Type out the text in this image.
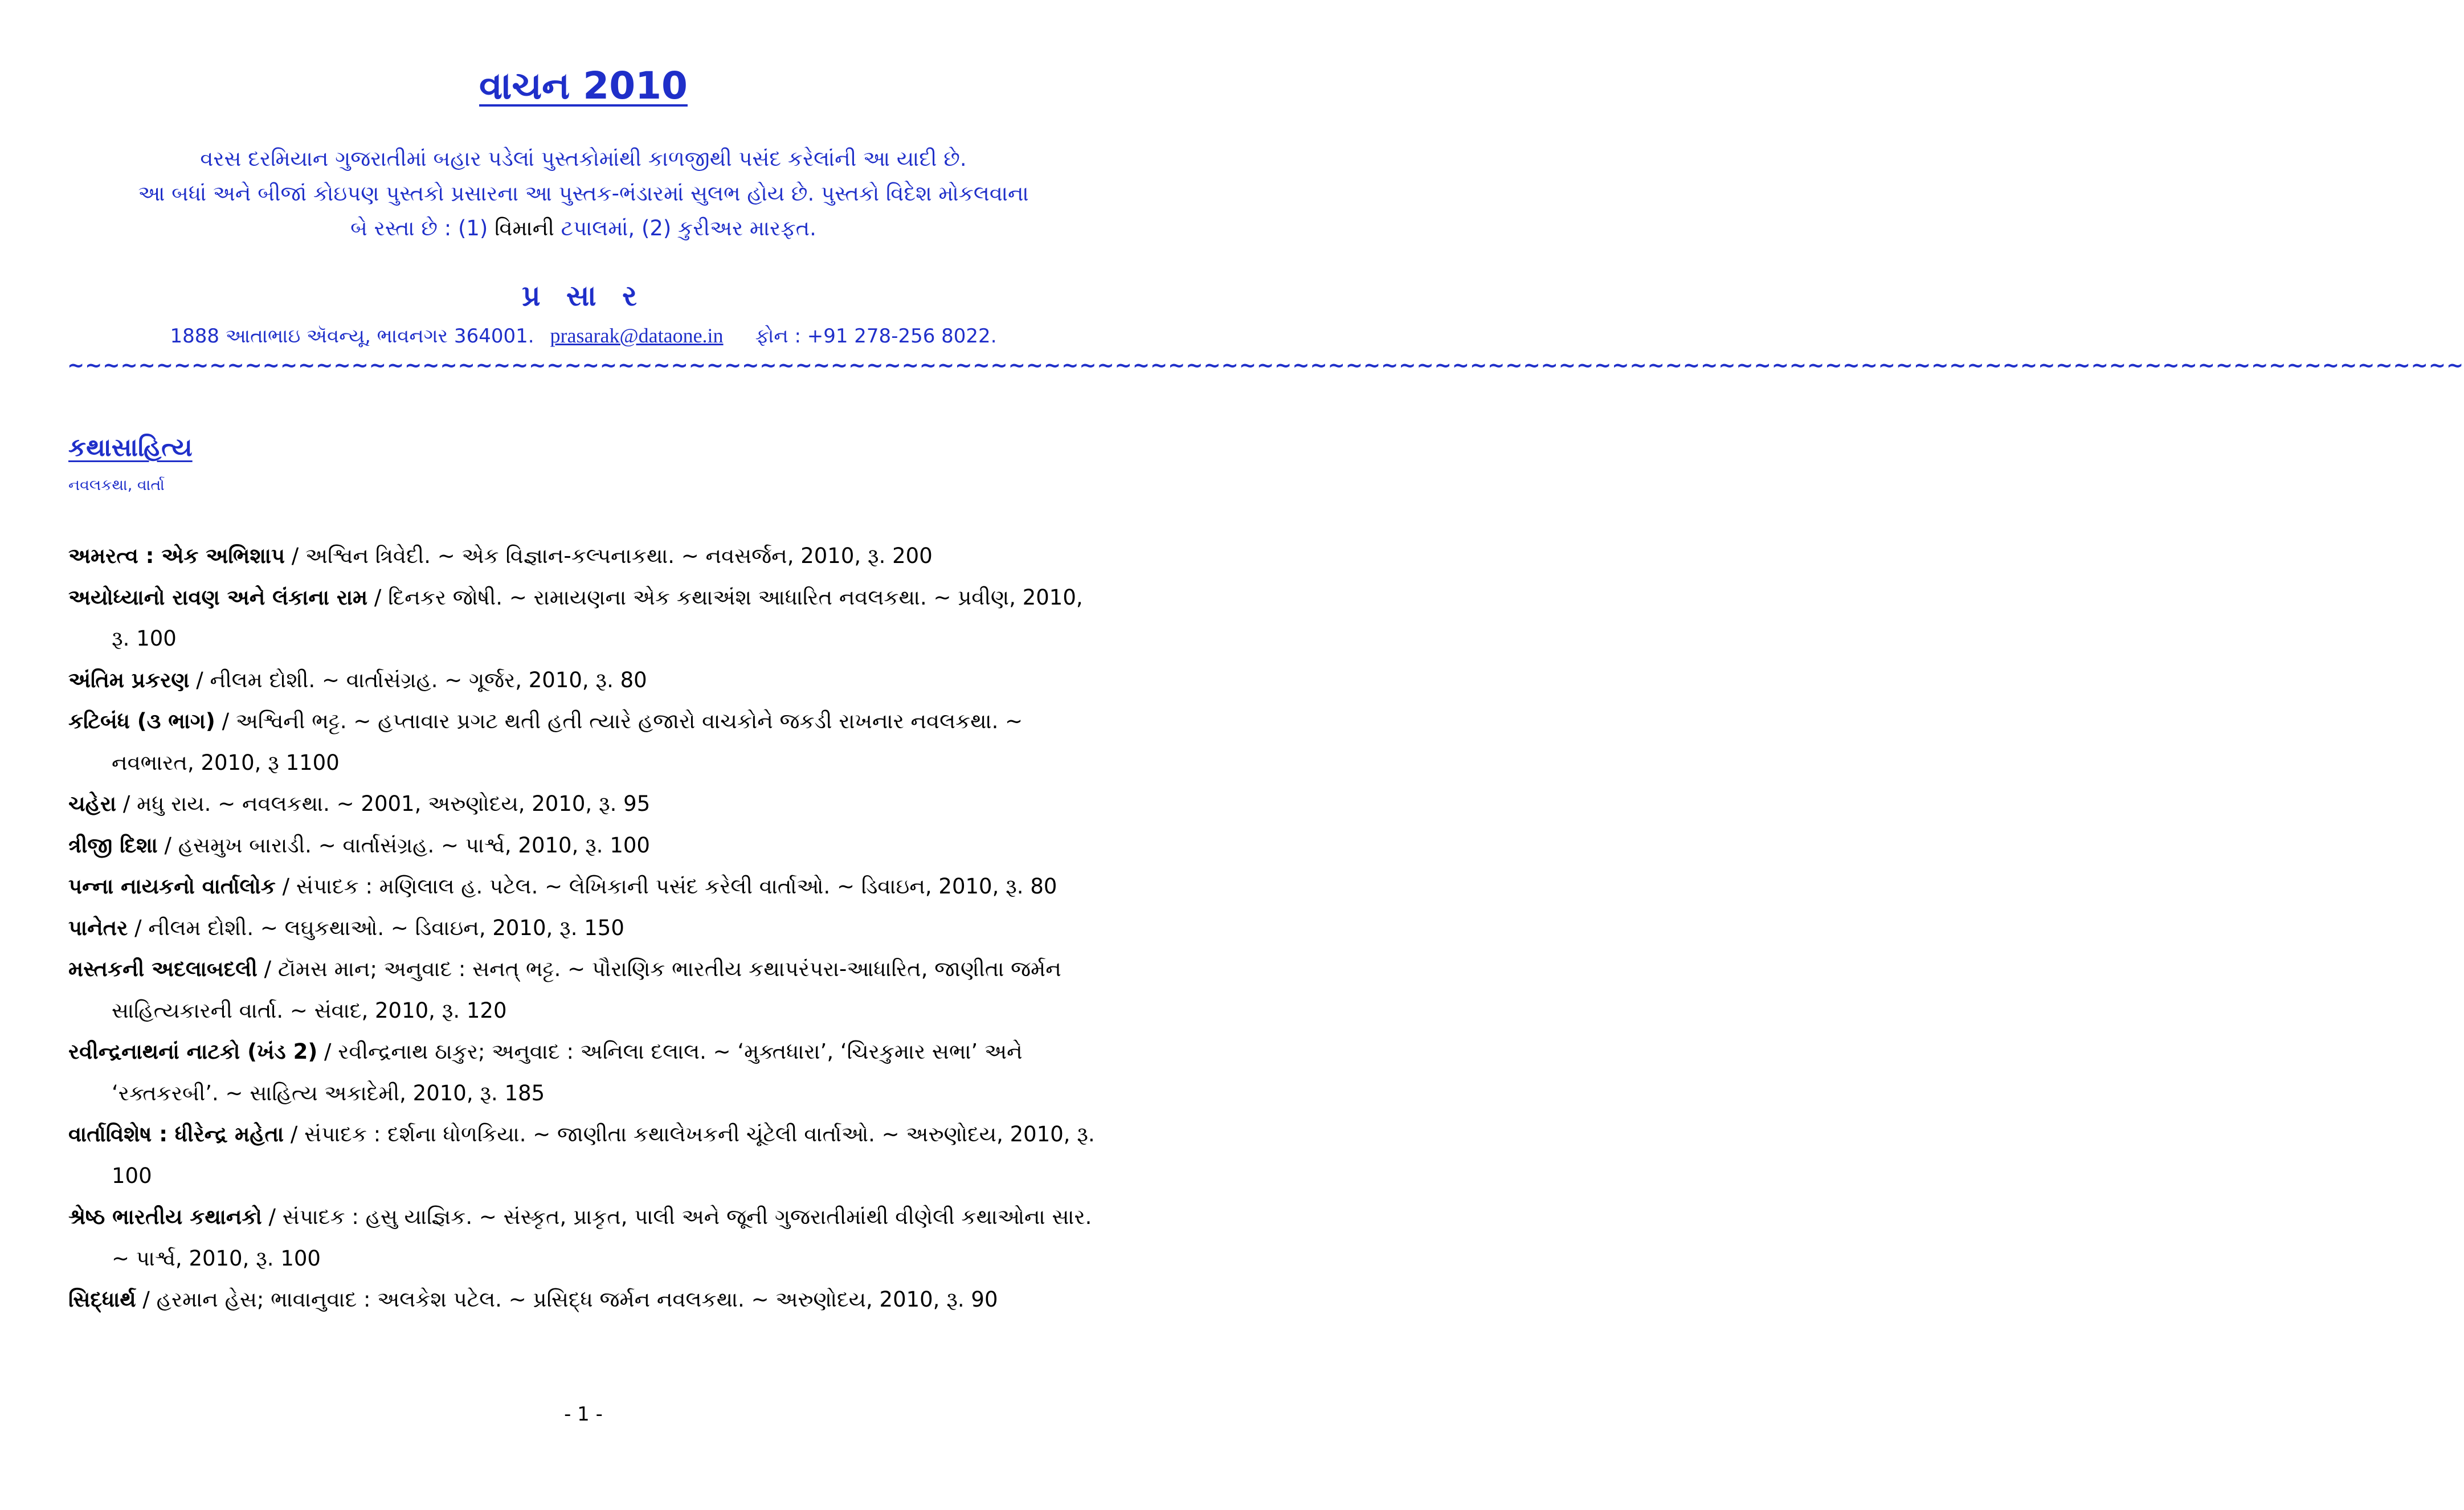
વાચન 2010
વરસ દરમિયાન ગુજરાતીમાં બહાર પડેલાં પુસ્તકોમાંથી કાળજીથી પસંદ કરેલાંની આ યાદી છે.
આ બધાં અને બીજાં કોઇપણ પુસ્તકો પ્રસારના આ પુસ્તક-ભંડારમાં સુલભ હોય છે. પુસ્તકો વિદેશ મોકલવાના
બે રસ્તા છે : (1) વિમાની ટપાલમાં, (2) કુરીઅર મારફત.
પ્ર સા ર
1888 આતાભાઇ ઍવન્યૂ, ભાવનગર 364001. prasarak@dataone.in ફોન : +91 278-256 8022.
~~~~~~~~~~~~~~~~~~~~~~~~~~~~~~~~~~~~~~~~~~~~~~~~~~~~~~~~~~~~~~~~~~~~~~~~~~~~~~~~~~~~~~~~~~~~~~~~~~~~~~~~~~~~~~~~~~~~~~~~~~~~~~~~~~~~~~~
કથાસાહિત્ય
નવલકથા, વાર્તા
અમરત્વ : એક અભિશાપ / અશ્વિન ત્રિવેદી. ~ એક વિજ્ઞાન-કલ્પનાકથા. ~ નવસર્જન, 2010, રૂ. 200
અયોધ્યાનો રાવણ અને લંકાના રામ / દિનકર જોષી. ~ રામાયણના એક કથાઅંશ આધારિત નવલકથા. ~ પ્રવીણ, 2010, રૂ. 100
અંતિમ પ્રકરણ / નીલમ દોશી. ~ વાર્તાસંગ્રહ. ~ ગૂર્જર, 2010, રૂ. 80
કટિબંધ (૩ ભાગ) / અશ્વિની ભટ્ટ. ~ હપ્તાવાર પ્રગટ થતી હતી ત્યારે હજારો વાચકોને જકડી રાખનાર નવલકથા. ~ નવભારત, 2010, રૂ 1100
ચહેરા / મધુ રાય. ~ નવલકથા. ~ 2001, અરુણોદય, 2010, રૂ. 95
ત્રીજી દિશા / હસમુખ બારાડી. ~ વાર્તાસંગ્રહ. ~ પાર્શ્વ, 2010, રૂ. 100
પન્ના નાયકનો વાર્તાલોક / સંપાદક : મણિલાલ હ. પટેલ. ~ લેખિકાની પસંદ કરેલી વાર્તાઓ. ~ ડિવાઇન, 2010, રૂ. 80
પાનેતર / નીલમ દોશી. ~ લઘુકથાઓ. ~ ડિવાઇન, 2010, રૂ. 150
મસ્તકની અદલાબદલી / ટૉમસ માન; અનુવાદ : સનત્ ભટ્ટ. ~ પૌરાણિક ભારતીય કથાપરંપરા-આધારિત, જાણીતા જર્મન સાહિત્યકારની વાર્તા. ~ સંવાદ, 2010, રૂ. 120
રવીન્દ્રનાથનાં નાટકો (ખંડ 2) / રવીન્દ્રનાથ ઠાકુર; અનુવાદ : અનિલા દલાલ. ~ ‘મુક્તધારા’, ‘ચિરકુમાર સભા’ અને ‘રક્તકરબી’. ~ સાહિત્ય અકાદેમી, 2010, રૂ. 185
વાર્તાવિશેષ : ધીરેન્દ્ર મહેતા / સંપાદક : દર્શના ધોળકિયા. ~ જાણીતા કથાલેખકની ચૂંટેલી વાર્તાઓ. ~ અરુણોદય, 2010, રૂ. 100
શ્રેષ્ઠ ભારતીય કથાનકો / સંપાદક : હસુ યાજ્ઞિક. ~ સંસ્કૃત, પ્રાકૃત, પાલી અને જૂની ગુજરાતીમાંથી વીણેલી કથાઓના સાર. ~ પાર્શ્વ, 2010, રૂ. 100
સિદ્ધાર્થ / હરમાન હેસ; ભાવાનુવાદ : અલકેશ પટેલ. ~ પ્રસિદ્ધ જર્મન નવલકથા. ~ અરુણોદય, 2010, રૂ. 90
- 1 -
